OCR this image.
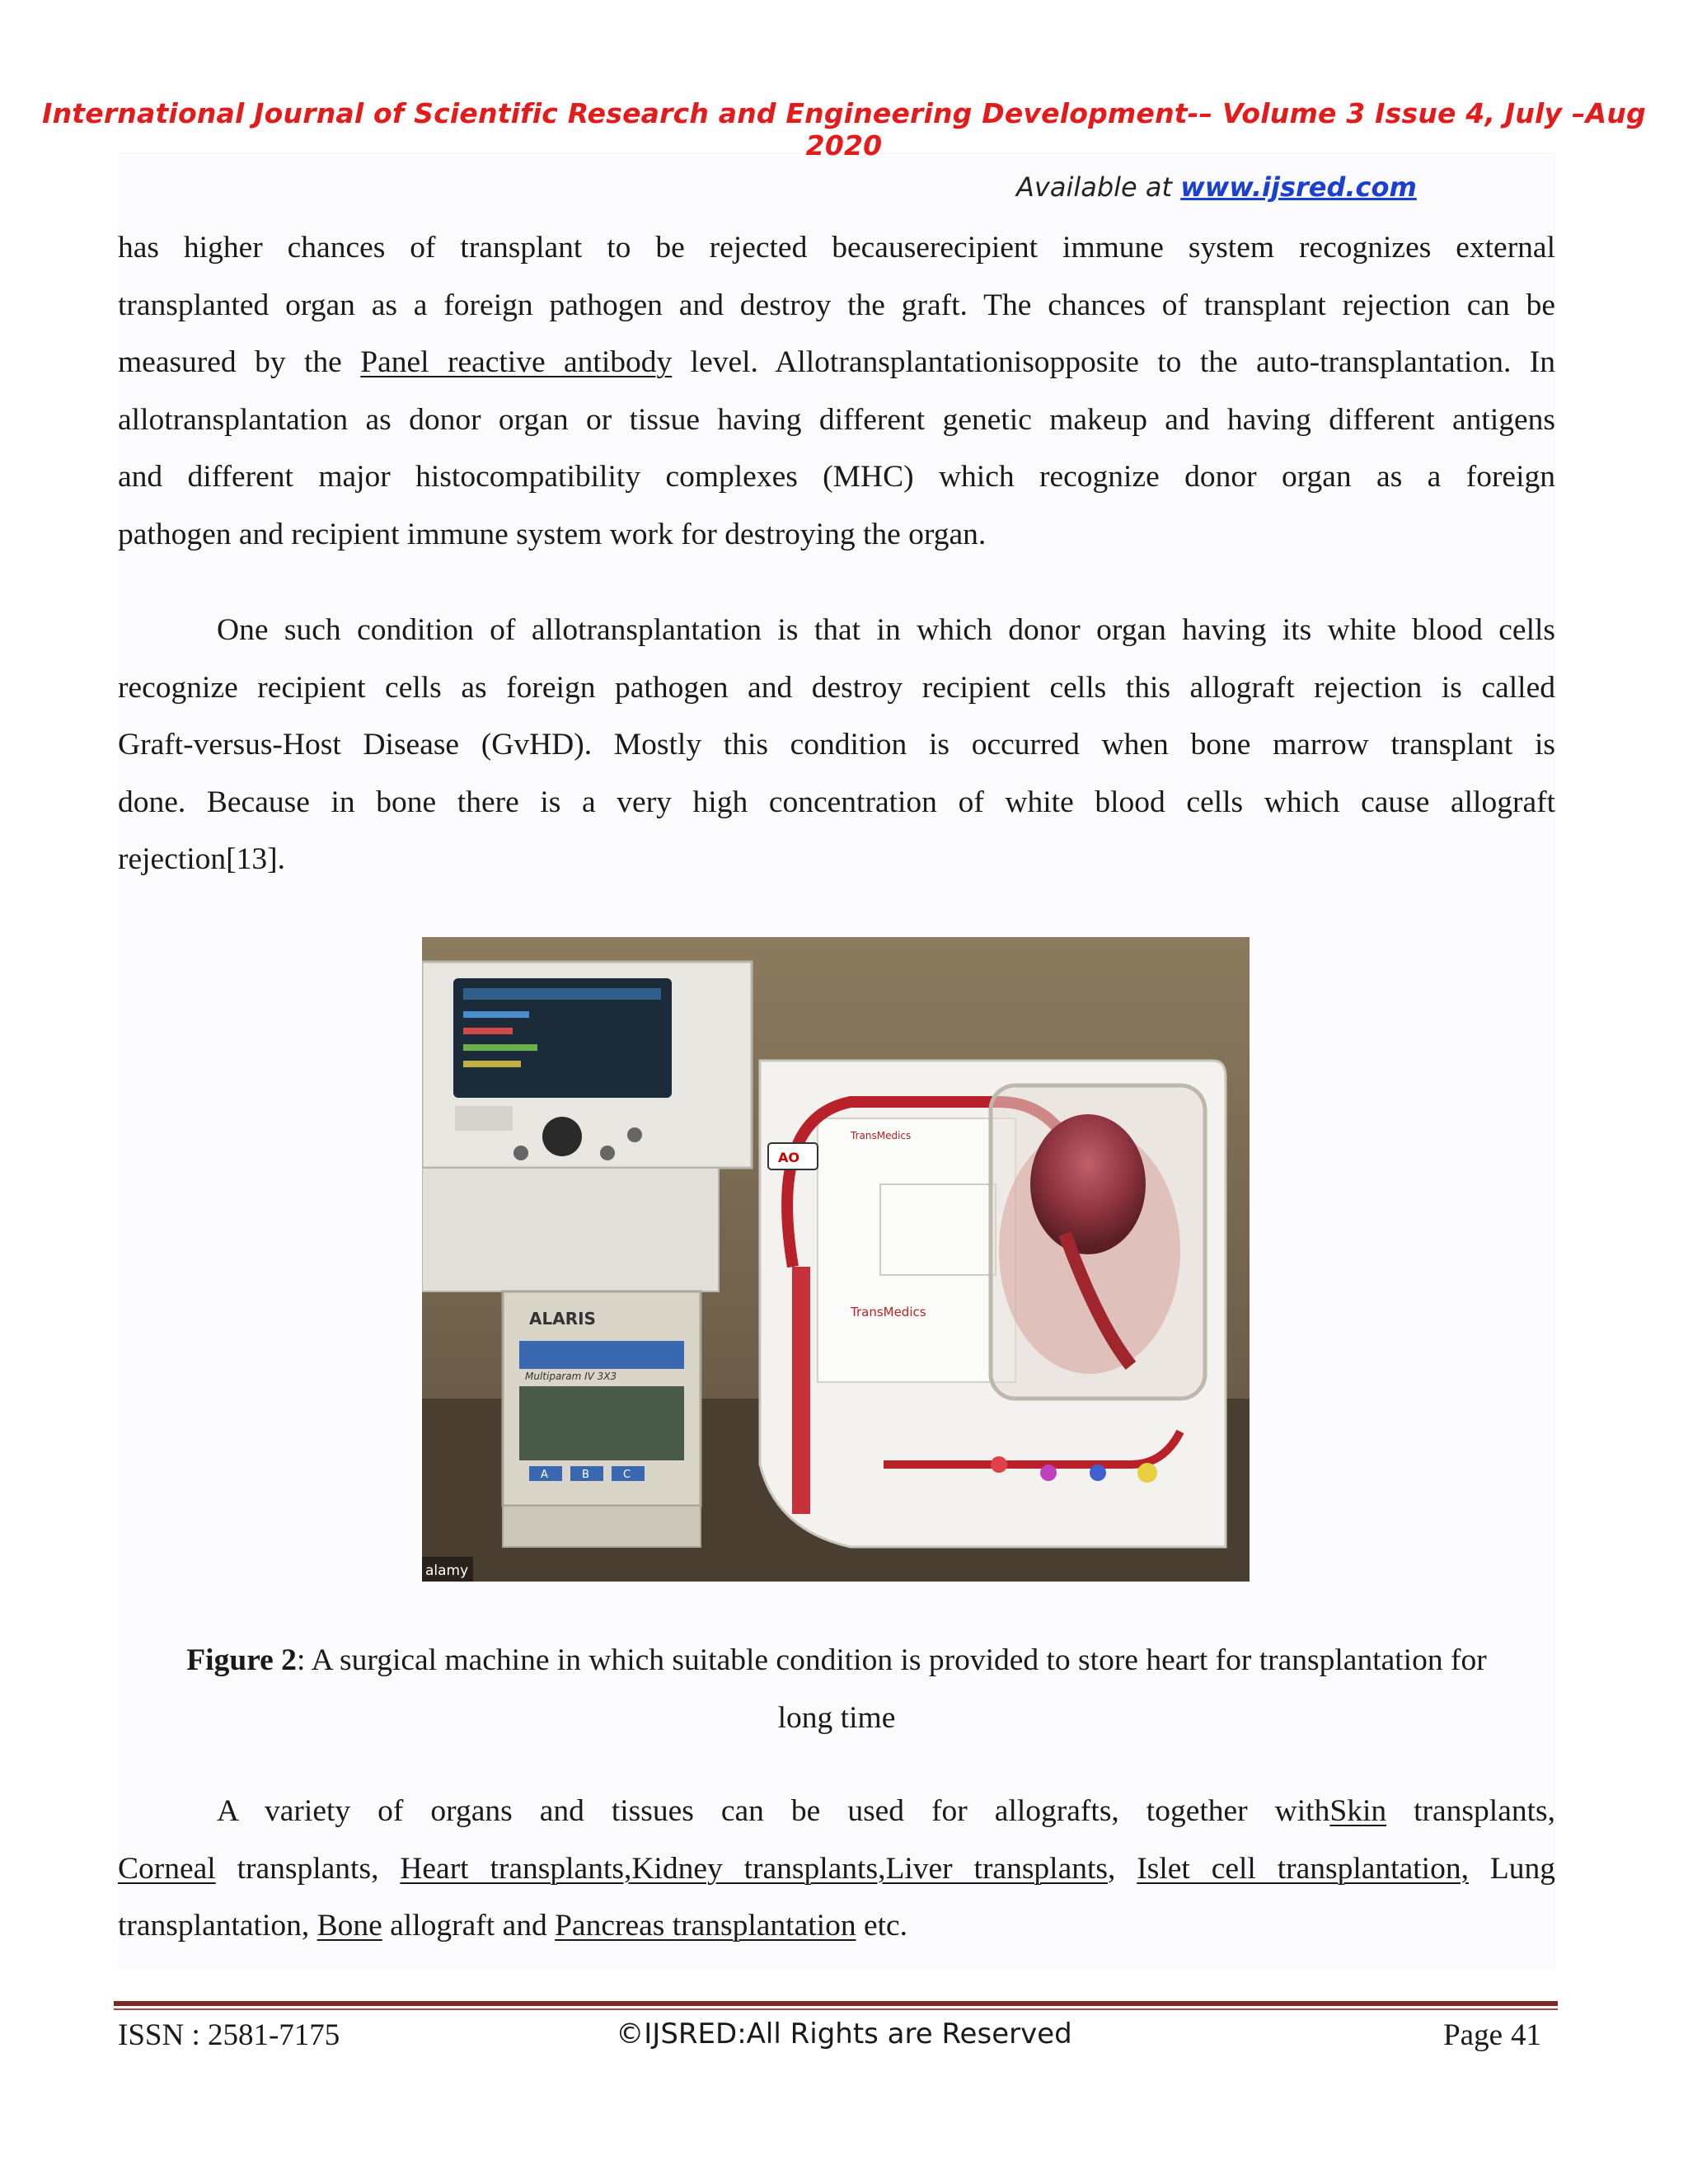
International Journal of Scientific Research and Engineering Development-– Volume 3 Issue 4, July –Aug 2020
Available at www.ijsred.com
has higher chances of transplant to be rejected becauserecipient immune system recognizes external
transplanted organ as a foreign pathogen and destroy the graft. The chances of transplant rejection can be
measured by the Panel reactive antibody level. Allotransplantationisopposite to the auto-transplantation. In
allotransplantation as donor organ or tissue having different genetic makeup and having different antigens
and different major histocompatibility complexes (MHC) which recognize donor organ as a foreign
pathogen and recipient immune system work for destroying the organ.
One such condition of allotransplantation is that in which donor organ having its white blood cells
recognize recipient cells as foreign pathogen and destroy recipient cells this allograft rejection is called
Graft-versus-Host Disease (GvHD). Mostly this condition is occurred when bone marrow transplant is
done. Because in bone there is a very high concentration of white blood cells which cause allograft
rejection[13].
ALARIS
Multiparam IV 3X3
A	B	C
TransMedics
TransMedics
AO
alamy
Figure 2: A surgical machine in which suitable condition is provided to store heart for transplantation for
long time
A variety of organs and tissues can be used for allografts, together withSkin transplants,
Corneal transplants, Heart transplants,Kidney transplants,Liver transplants, Islet cell transplantation, Lung
transplantation, Bone allograft and Pancreas transplantation etc.
ISSN : 2581-7175	©IJSRED:All Rights are Reserved	Page 41
